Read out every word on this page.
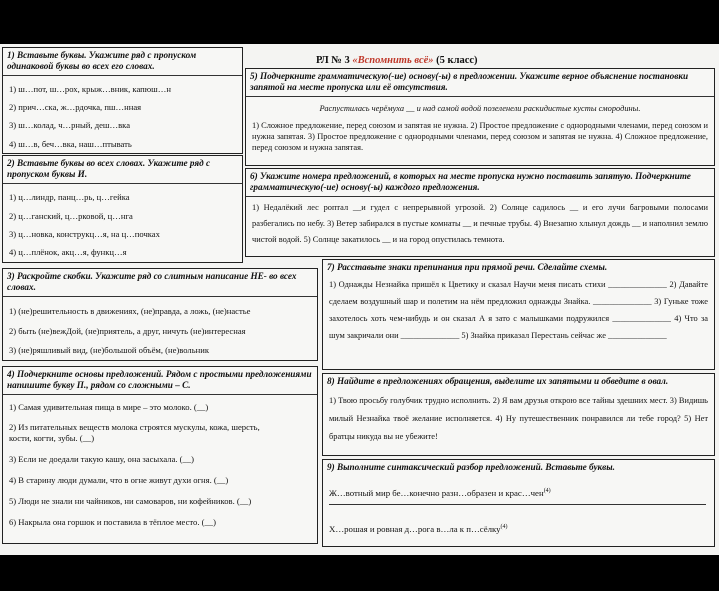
РЛ № 3 «Вспомнить всё» (5 класс)
1) Вставьте буквы. Укажите ряд с пропуском одинаковой буквы во всех его словах.
1) ш…пот, ш…рох, крыж…вник, капюш…н
2) прич…ска, ж…рдочка, пш…нная
3) ш…колад, ч…рный, деш…вка
4) ш…в, беч…вка, наш…птывать
2) Вставьте буквы во всех словах. Укажите ряд с пропуском буквы И.
1) ц…линдр, панц…рь, ц…гейка
2) ц…ганский, ц…рковой, ц…нга
3) ц…новка, конструкц…я, на ц…почках
4) ц…плёнок, акц…я, функц…я
3) Раскройте скобки. Укажите ряд со слитным написание НЕ- во всех словах.
1) (не)решительность в движениях, (не)правда, а ложь, (не)настье
2) быть (не)вежДой, (не)приятель, а друг, ничуть (не)интересная
3) (не)ряшливый вид, (не)большой объём, (не)вольник
4) Подчеркните основы предложений. Рядом с простыми предложениями напишите букву П., рядом со сложными – С.
1) Самая удивительная пища в мире – это молоко. (__)
2) Из питательных веществ молока строятся мускулы, кожа, шерсть,
кости, когти, зубы. (__)
3) Если не доедали такую кашу, она засыхала. (__)
4) В старину люди думали, что в огне живут духи огня. (__)
5) Люди не знали ни чайников, ни самоваров, ни кофейников. (__)
6) Накрыла она горшок и поставила в тёплое место. (__)
5) Подчеркните грамматическую(-ие) основу(-ы) в предложении. Укажите верное объяснение постановки запятой на месте пропуска или её отсутствия.
Распустилась черёмуха __ и над самой водой позеленели раскидистые кусты смородины.
1) Сложное предложение, перед союзом и запятая не нужна. 2) Простое предложение с однородными членами, перед союзом и нужна запятая. 3) Простое предложение с однородными членами, перед союзом и запятая не нужна. 4) Сложное предложение, перед союзом и нужна запятая.
6) Укажите номера предложений, в которых на месте пропуска нужно поставить запятую. Подчеркните грамматическую(-ие) основу(-ы) каждого предложения.
1) Недалёкий лес роптал __и гудел с непрерывной угрозой. 2) Солнце садилось __ и его лучи багровыми полосами разбегались по небу. 3) Ветер забирался в пустые комнаты __ и печные трубы. 4) Внезапно хлынул дождь __ и наполнил землю чистой водой. 5) Солнце закатилось __ и на город опустилась темнота.
7) Расставьте знаки препинания при прямой речи. Сделайте схемы.
1) Однажды Незнайка пришёл к Цветику и сказал Научи меня писать стихи ______________ 2) Давайте сделаем воздушный шар и полетим на нём предложил однажды Знайка. ______________ 3) Гуньке тоже захотелось хоть чем-нибудь и он сказал А я зато с малышками подружился ______________ 4) Что за шум закричали они ______________ 5) Знайка приказал Перестань сейчас же ______________
8) Найдите в предложениях обращения, выделите их запятыми и обведите в овал.
1) Твою просьбу голубчик трудно исполнить. 2) Я вам друзья открою все тайны здешних мест. 3) Видишь милый Незнайка твоё желание исполняется. 4) Ну путешественник понравился ли тебе город? 5) Нет братцы никуда вы не убежите!
9) Выполните синтаксический разбор предложений. Вставьте буквы.
Ж…вотный мир бе…конечно разн…образен и крас…чен$^{(4)}$
Х…рошая и ровная д…рога в…ла к п…сёлку$^{(4)}$
